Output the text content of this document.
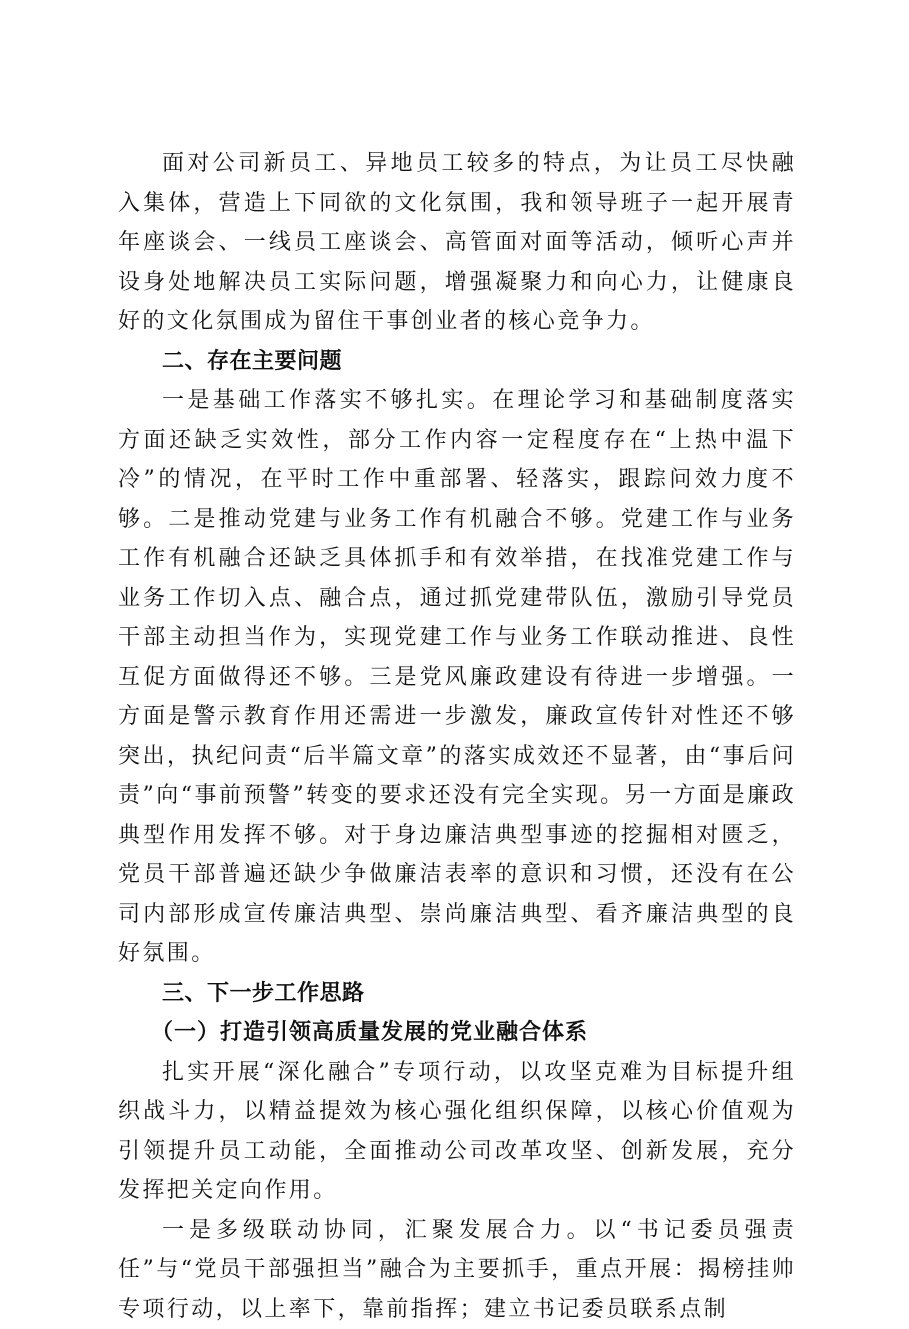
面对公司新员工、异地员工较多的特点，为让员工尽快融入集体，营造上下同欲的文化氛围，我和领导班子一起开展青年座谈会、一线员工座谈会、高管面对面等活动，倾听心声并设身处地解决员工实际问题，增强凝聚力和向心力，让健康良好的文化氛围成为留住干事创业者的核心竞争力。

二、存在主要问题

一是基础工作落实不够扎实。在理论学习和基础制度落实方面还缺乏实效性，部分工作内容一定程度存在“上热中温下冷”的情况，在平时工作中重部署、轻落实，跟踪问效力度不够。二是推动党建与业务工作有机融合不够。党建工作与业务工作有机融合还缺乏具体抓手和有效举措，在找准党建工作与业务工作切入点、融合点，通过抓党建带队伍，激励引导党员干部主动担当作为，实现党建工作与业务工作联动推进、良性互促方面做得还不够。三是党风廉政建设有待进一步增强。一方面是警示教育作用还需进一步激发，廉政宣传针对性还不够突出，执纪问责“后半篇文章”的落实成效还不显著，由“事后问责”向“事前预警”转变的要求还没有完全实现。另一方面是廉政典型作用发挥不够。对于身边廉洁典型事迹的挖掘相对匮乏，党员干部普遍还缺少争做廉洁表率的意识和习惯，还没有在公司内部形成宣传廉洁典型、崇尚廉洁典型、看齐廉洁典型的良好氛围。

三、下一步工作思路

（一）打造引领高质量发展的党业融合体系

扎实开展“深化融合”专项行动，以攻坚克难为目标提升组织战斗力，以精益提效为核心强化组织保障，以核心价值观为引领提升员工动能，全面推动公司改革攻坚、创新发展，充分发挥把关定向作用。

一是多级联动协同，汇聚发展合力。以“书记委员强责任”与“党员干部强担当”融合为主要抓手，重点开展：揭榜挂帅专项行动，以上率下，靠前指挥；建立书记委员联系点制
